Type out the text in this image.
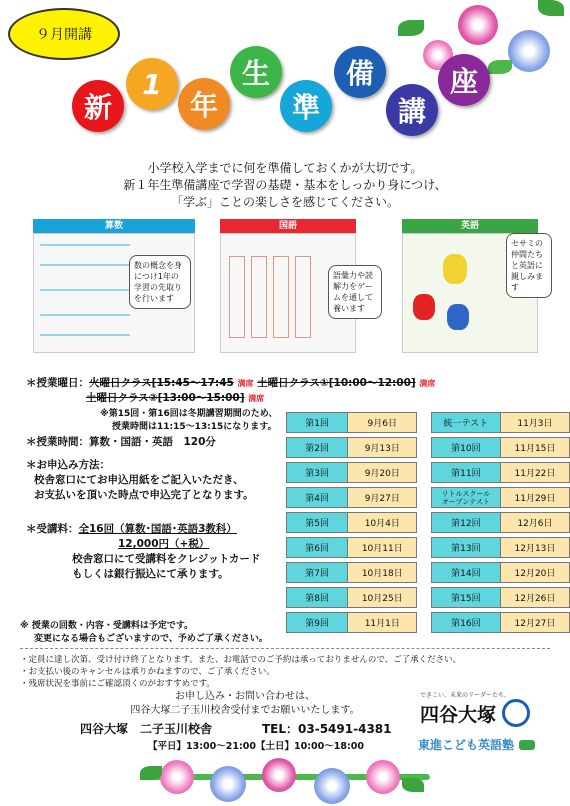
９月開講
新
1
年
生
準
備
講
座
小学校入学までに何を準備しておくかが大切です。
新１年生準備講座で学習の基礎・基本をしっかり身につけ、
「学ぶ」ことの楽しさを感じてください。
算数
数の概念を身につけ1年の学習の先取りを行います
国語
語彙力や読解力をゲームを通して養います
英語
セサミの仲間たちと英語に親しみます
＊授業曜日：火曜日クラス[15:45～17:45 満席 土曜日クラス①[10:00～12:00] 満席
土曜日クラス②[13:00～15:00] 満席
※第15回・第16回は冬期講習期間のため、
授業時間は11:15～13:15になります。
＊授業時間：算数・国語・英語　120分
＊お申込み方法：
校舎窓口にてお申込用紙をご記入いただき、
お支払いを頂いた時点で申込完了となります。
＊受講料：全16回（算数･国語･英語3教科）
12,000円（+税）
校舎窓口にて受講料をクレジットカード
もしくは銀行振込にて承ります。
第1回	9月6日		統一テスト	11月3日

第2回	9月13日		第10回	11月15日

第3回	9月20日		第11回	11月22日

第4回	9月27日		リトルスクール
オープンテスト	11月29日

第5回	10月4日		第12回	12月6日

第6回	10月11日		第13回	12月13日

第7回	10月18日		第14回	12月20日

第8回	10月25日		第15回	12月26日

第9回	11月1日		第16回	12月27日
※ 授業の回数・内容・受講料は予定です。
変更になる場合もございますので、予めご了承ください。
・定員に達し次第、受け付け終了となります。また、お電話でのご予約は承っておりませんので、ご了承ください。
・お支払い後のキャンセルは承りかねますので、ご了承ください。
・残席状況を事前にご確認頂くのがおすすめです。
お申し込み・お問い合わせは、
四谷大塚二子玉川校舎受付までお願いいたします。
四谷大塚　二子玉川校舎	TEL：03-5491-4381
【平日】13:00～21:00【土日】10:00～18:00
できこい、未来のリーダーたち。
四谷大塚
東進こども英語塾
